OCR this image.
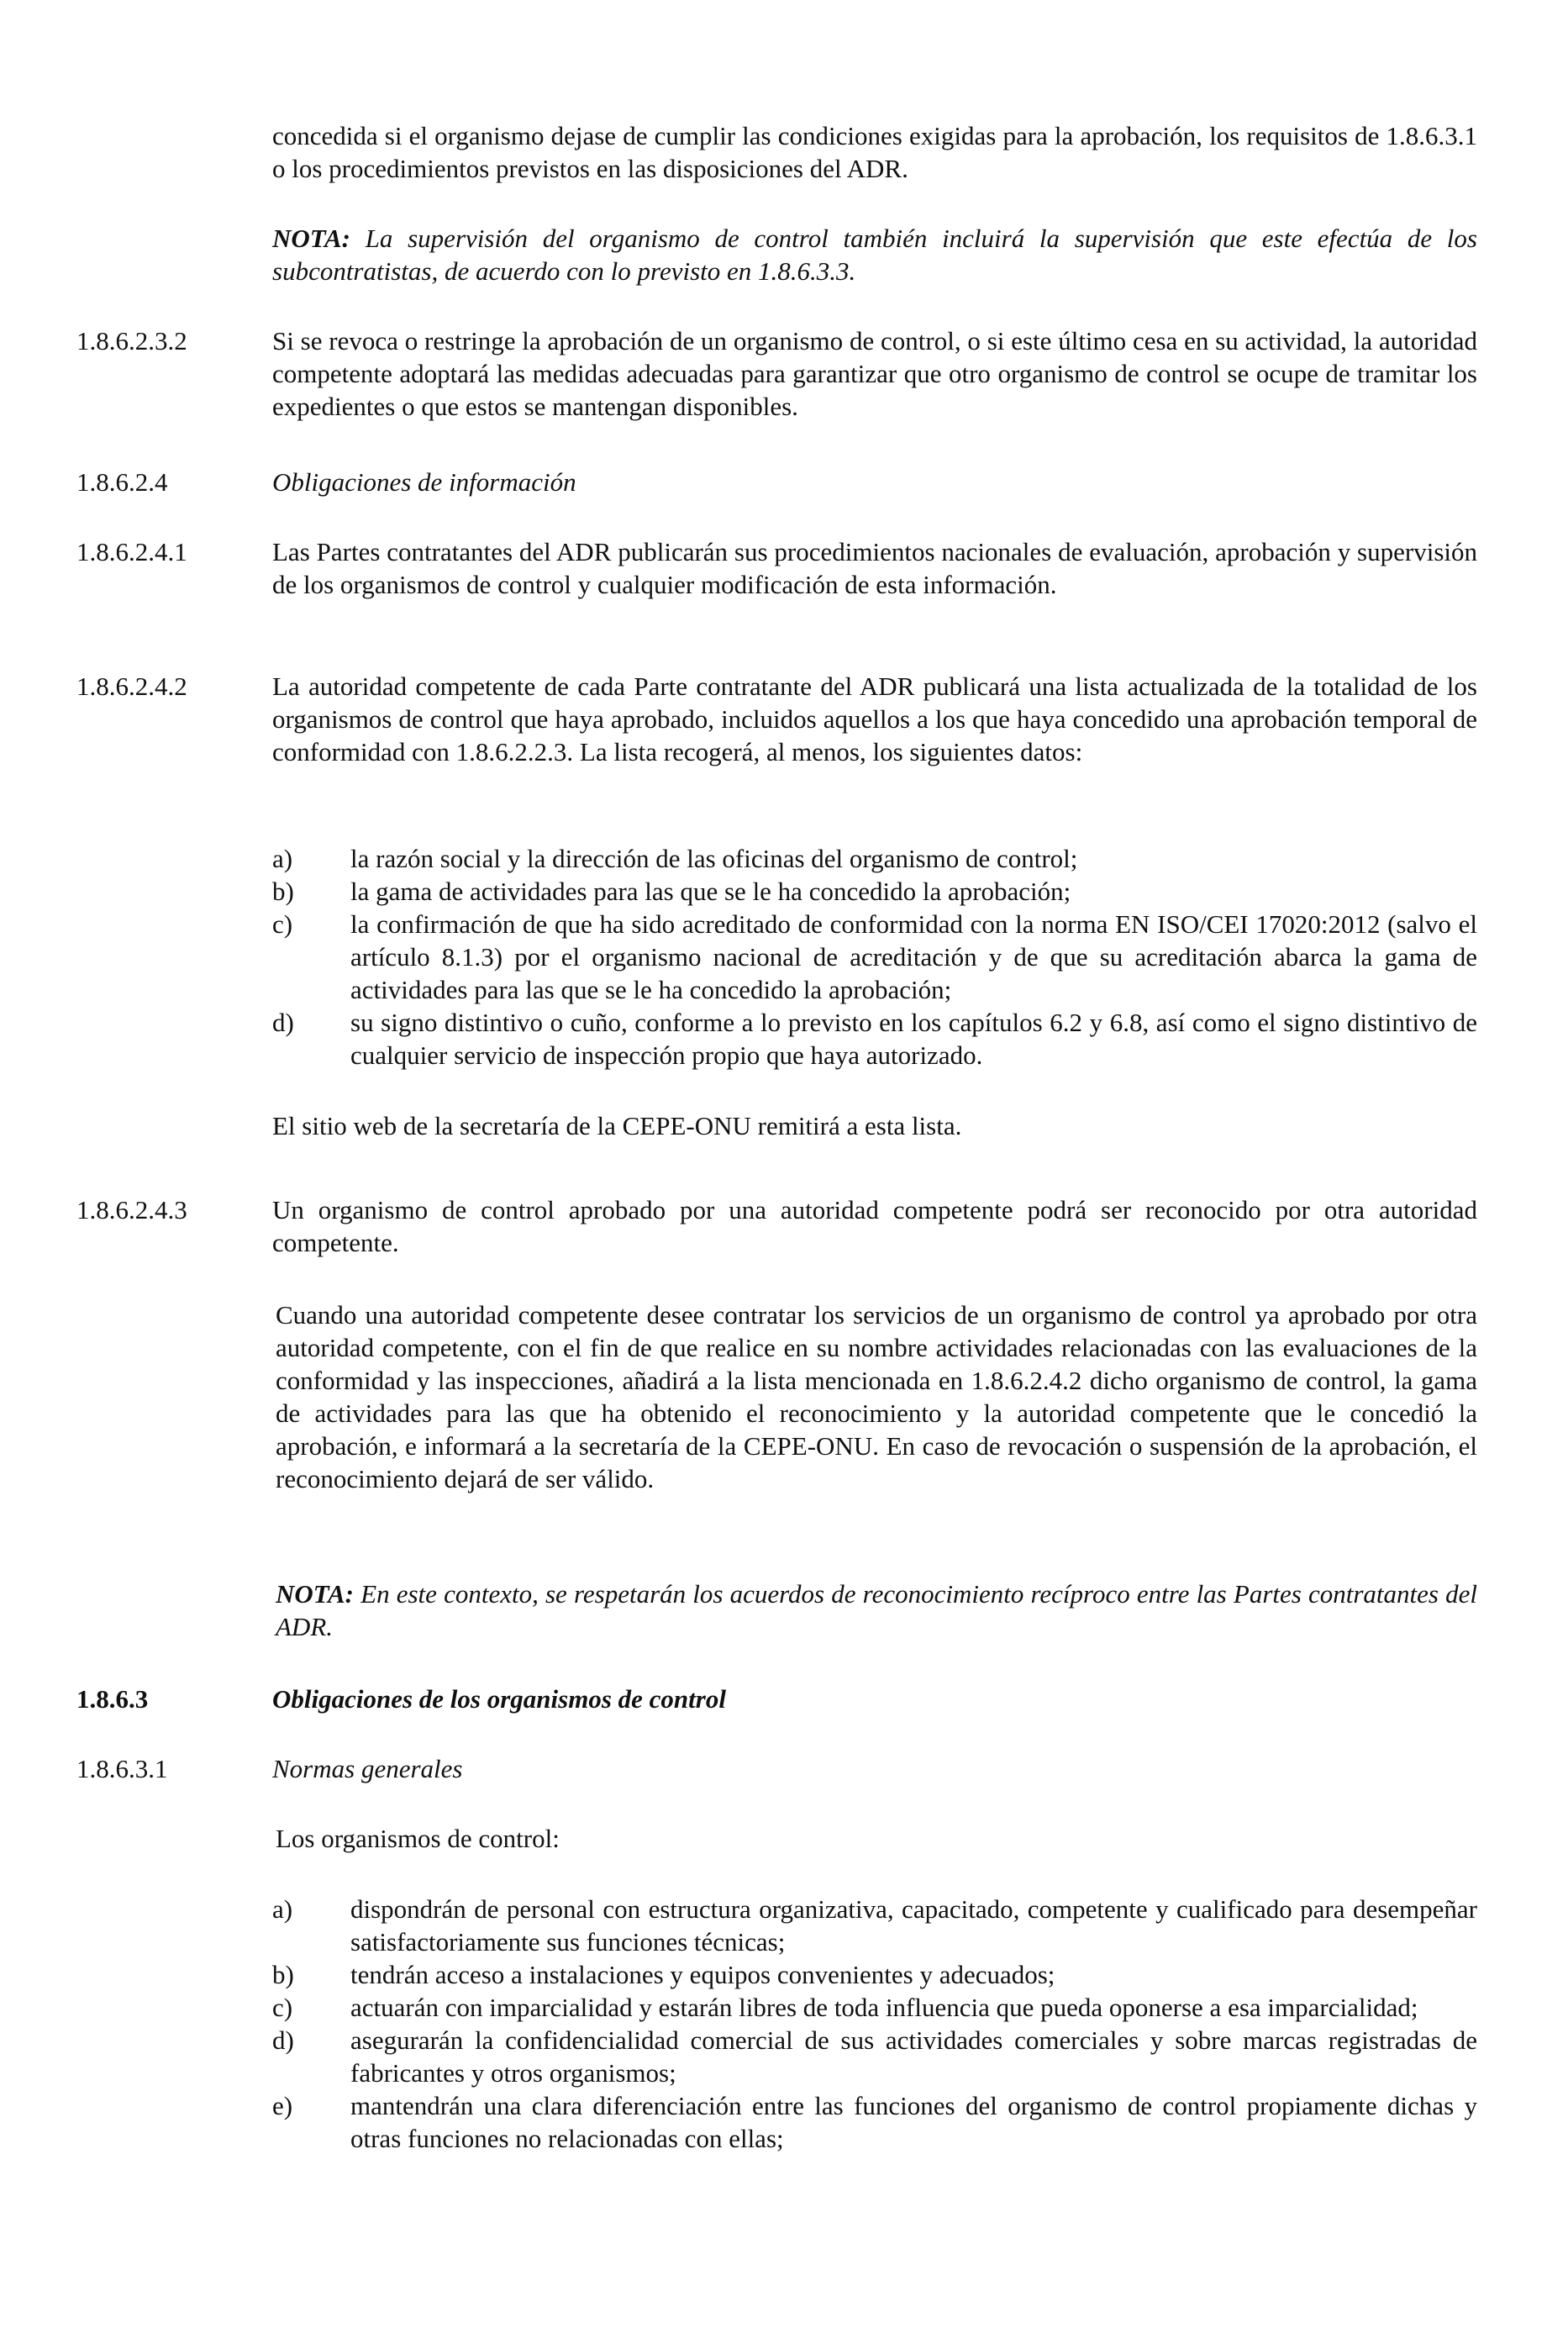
concedida si el organismo dejase de cumplir las condiciones exigidas para la aprobación, los requisitos de 1.8.6.3.1 o los procedimientos previstos en las disposiciones del ADR.

NOTA: La supervisión del organismo de control también incluirá la supervisión que este efectúa de los subcontratistas, de acuerdo con lo previsto en 1.8.6.3.3.

1.8.6.2.3.2	Si se revoca o restringe la aprobación de un organismo de control, o si este último cesa en su actividad, la autoridad competente adoptará las medidas adecuadas para garantizar que otro organismo de control se ocupe de tramitar los expedientes o que estos se mantengan disponibles.

1.8.6.2.4	Obligaciones de información

1.8.6.2.4.1	Las Partes contratantes del ADR publicarán sus procedimientos nacionales de evaluación, aprobación y supervisión de los organismos de control y cualquier modificación de esta información.

1.8.6.2.4.2	La autoridad competente de cada Parte contratante del ADR publicará una lista actualizada de la totalidad de los organismos de control que haya aprobado, incluidos aquellos a los que haya concedido una aprobación temporal de conformidad con 1.8.6.2.2.3. La lista recogerá, al menos, los siguientes datos:

a) la razón social y la dirección de las oficinas del organismo de control;
b) la gama de actividades para las que se le ha concedido la aprobación;
c) la confirmación de que ha sido acreditado de conformidad con la norma EN ISO/CEI 17020:2012 (salvo el artículo 8.1.3) por el organismo nacional de acreditación y de que su acreditación abarca la gama de actividades para las que se le ha concedido la aprobación;
d) su signo distintivo o cuño, conforme a lo previsto en los capítulos 6.2 y 6.8, así como el signo distintivo de cualquier servicio de inspección propio que haya autorizado.

El sitio web de la secretaría de la CEPE-ONU remitirá a esta lista.

1.8.6.2.4.3	Un organismo de control aprobado por una autoridad competente podrá ser reconocido por otra autoridad competente.

Cuando una autoridad competente desee contratar los servicios de un organismo de control ya aprobado por otra autoridad competente, con el fin de que realice en su nombre actividades relacionadas con las evaluaciones de la conformidad y las inspecciones, añadirá a la lista mencionada en 1.8.6.2.4.2 dicho organismo de control, la gama de actividades para las que ha obtenido el reconocimiento y la autoridad competente que le concedió la aprobación, e informará a la secretaría de la CEPE-ONU. En caso de revocación o suspensión de la aprobación, el reconocimiento dejará de ser válido.

NOTA: En este contexto, se respetarán los acuerdos de reconocimiento recíproco entre las Partes contratantes del ADR.

1.8.6.3	Obligaciones de los organismos de control

1.8.6.3.1	Normas generales

Los organismos de control:

a) dispondrán de personal con estructura organizativa, capacitado, competente y cualificado para desempeñar satisfactoriamente sus funciones técnicas;
b) tendrán acceso a instalaciones y equipos convenientes y adecuados;
c) actuarán con imparcialidad y estarán libres de toda influencia que pueda oponerse a esa imparcialidad;
d) asegurarán la confidencialidad comercial de sus actividades comerciales y sobre marcas registradas de fabricantes y otros organismos;
e) mantendrán una clara diferenciación entre las funciones del organismo de control propiamente dichas y otras funciones no relacionadas con ellas;
